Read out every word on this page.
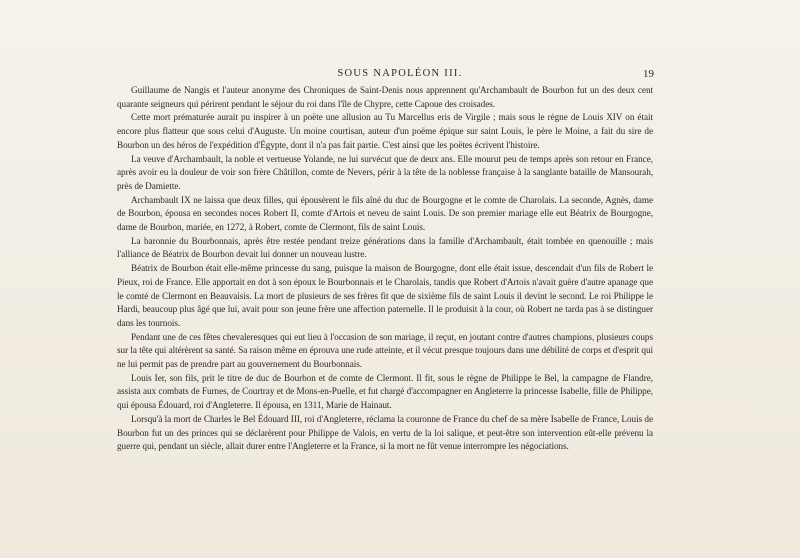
SOUS NAPOLÉON III.	19

Guillaume de Nangis et l'auteur anonyme des Chroniques de Saint-Denis nous apprennent qu'Archambault de Bourbon fut un des deux cent quarante seigneurs qui périrent pendant le séjour du roi dans l'île de Chypre, cette Capoue des croisades.

Cette mort prématurée aurait pu inspirer à un poëte une allusion au Tu Marcellus eris de Virgile ; mais sous le règne de Louis XIV on était encore plus flatteur que sous celui d'Auguste. Un moine courtisan, auteur d'un poëme épique sur saint Louis, le père le Moine, a fait du sire de Bourbon un des héros de l'expédition d'Égypte, dont il n'a pas fait partie. C'est ainsi que les poëtes écrivent l'histoire.

La veuve d'Archambault, la noble et vertueuse Yolande, ne lui survécut que de deux ans. Elle mourut peu de temps après son retour en France, après avoir eu la douleur de voir son frère Châtillon, comte de Nevers, périr à la tête de la noblesse française à la sanglante bataille de Mansourah, près de Damiette.

Archambault IX ne laissa que deux filles, qui épousèrent le fils aîné du duc de Bourgogne et le comte de Charolais. La seconde, Agnès, dame de Bourbon, épousa en secondes noces Robert II, comte d'Artois et neveu de saint Louis. De son premier mariage elle eut Béatrix de Bourgogne, dame de Bourbon, mariée, en 1272, à Robert, comte de Clermont, fils de saint Louis.

La baronnie du Bourbonnais, après être restée pendant treize générations dans la famille d'Archambault, était tombée en quenouille ; mais l'alliance de Béatrix de Bourbon devait lui donner un nouveau lustre.

Béatrix de Bourbon était elle-même princesse du sang, puisque la maison de Bourgogne, dont elle était issue, descendait d'un fils de Robert le Pieux, roi de France. Elle apportait en dot à son époux le Bourbonnais et le Charolais, tandis que Robert d'Artois n'avait guère d'autre apanage que le comté de Clermont en Beauvaisis. La mort de plusieurs de ses frères fit que de sixième fils de saint Louis il devint le second. Le roi Philippe le Hardi, beaucoup plus âgé que lui, avait pour son jeune frère une affection paternelle. Il le produisit à la cour, où Robert ne tarda pas à se distinguer dans les tournois.

Pendant une de ces fêtes chevaleresques qui eut lieu à l'occasion de son mariage, il reçut, en joutant contre d'autres champions, plusieurs coups sur la tête qui altérèrent sa santé. Sa raison même en éprouva une rude atteinte, et il vécut presque toujours dans une débilité de corps et d'esprit qui ne lui permit pas de prendre part au gouvernement du Bourbonnais.

Louis Ier, son fils, prit le titre de duc de Bourbon et de comte de Clermont. Il fit, sous le règne de Philippe le Bel, la campagne de Flandre, assista aux combats de Furnes, de Courtray et de Mons-en-Puelle, et fut chargé d'accompagner en Angleterre la princesse Isabelle, fille de Philippe, qui épousa Édouard, roi d'Angleterre. Il épousa, en 1311, Marie de Hainaut.

Lorsqu'à la mort de Charles le Bel Édouard III, roi d'Angleterre, réclama la couronne de France du chef de sa mère Isabelle de France, Louis de Bourbon fut un des princes qui se déclarèrent pour Philippe de Valois, en vertu de la loi salique, et peut-être son intervention eût-elle prévenu la guerre qui, pendant un siècle, allait durer entre l'Angleterre et la France, si la mort ne fût venue interrompre les négociations.
